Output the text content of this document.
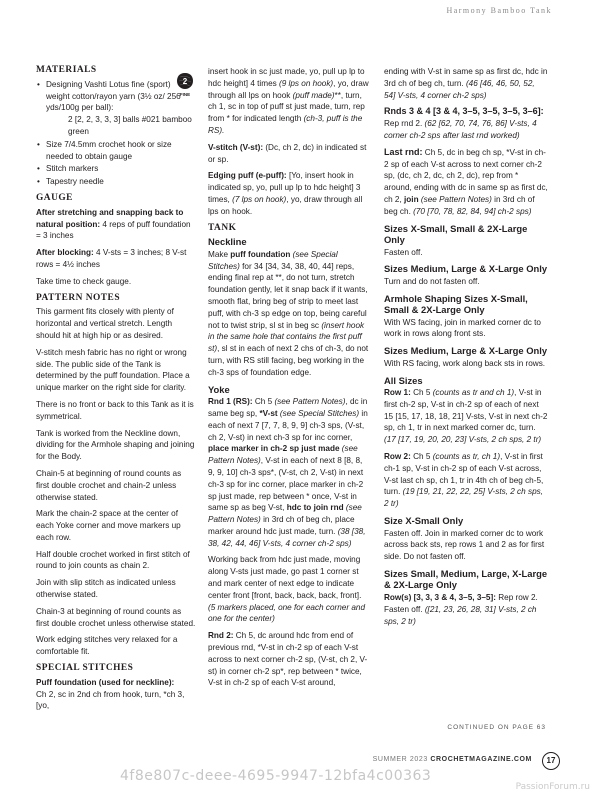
Harmony Bamboo Tank
2
FINE
MATERIALS
• Designing Vashti Lotus fine (sport) weight cotton/rayon yarn (3½ oz/ 256 yds/100g per ball):
2 [2, 2, 3, 3, 3] balls #021 bamboo green
• Size 7/4.5mm crochet hook or size needed to obtain gauge
• Stitch markers
• Tapestry needle
GAUGE

After stretching and snapping back to natural position: 4 reps of puff foundation = 3 inches

After blocking: 4 V-sts = 3 inches; 8 V-st rows = 4½ inches

Take time to check gauge.

PATTERN NOTES

This garment fits closely with plenty of horizontal and vertical stretch. Length should hit at high hip or as desired.

V-stitch mesh fabric has no right or wrong side. The public side of the Tank is determined by the puff foundation. Place a unique marker on the right side for clarity.

There is no front or back to this Tank as it is symmetrical.

Tank is worked from the Neckline down, dividing for the Armhole shaping and joining for the Body.

Chain-5 at beginning of round counts as first double crochet and chain-2 unless otherwise stated.

Mark the chain-2 space at the center of each Yoke corner and move markers up each row.

Half double crochet worked in first stitch of round to join counts as chain 2.

Join with slip stitch as indicated unless otherwise stated.

Chain-3 at beginning of round counts as first double crochet unless otherwise stated.

Work edging stitches very relaxed for a comfortable fit.

SPECIAL STITCHES
Puff foundation (used for neckline):

Ch 2, sc in 2nd ch from hook, turn, *ch 3, [yo,

insert hook in sc just made, yo, pull up lp to hdc height] 4 times (9 lps on hook), yo, draw through all lps on hook (puff made)**, turn, ch 1, sc in top of puff st just made, turn, rep from * for indicated length (ch-3, puff is the RS).

V-stitch (V-st): (Dc, ch 2, dc) in indicated st or sp.

Edging puff (e-puff): [Yo, insert hook in indicated sp, yo, pull up lp to hdc height] 3 times, (7 lps on hook), yo, draw through all lps on hook.

TANK
Neckline

Make puff foundation (see Special Stitches) for 34 [34, 34, 38, 40, 44] reps, ending final rep at **, do not turn, stretch foundation gently, let it snap back if it wants, smooth flat, bring beg of strip to meet last puff, with ch-3 sp edge on top, being careful not to twist strip, sl st in beg sc (insert hook in the same hole that contains the first puff st), sl st in each of next 2 chs of ch-3, do not turn, with RS still facing, beg working in the ch-3 sps of foundation edge.

Yoke

Rnd 1 (RS): Ch 5 (see Pattern Notes), dc in same beg sp, *V-st (see Special Stitches) in each of next 7 [7, 7, 8, 9, 9] ch-3 sps, (V-st, ch 2, V-st) in next ch-3 sp for inc corner, place marker in ch-2 sp just made (see Pattern Notes), V-st in each of next 8 [8, 8, 9, 9, 10] ch-3 sps*, (V-st, ch 2, V-st) in next ch-3 sp for inc corner, place marker in ch-2 sp just made, rep between * once, V-st in same sp as beg V-st, hdc to join rnd (see Pattern Notes) in 3rd ch of beg ch, place marker around hdc just made, turn. (38 [38, 38, 42, 44, 46] V-sts, 4 corner ch-2 sps)

Working back from hdc just made, moving along V-sts just made, go past 1 corner st and mark center of next edge to indicate center front [front, back, back, back, front]. (5 markers placed, one for each corner and one for the center)

Rnd 2: Ch 5, dc around hdc from end of previous rnd, *V-st in ch-2 sp of each V-st across to next corner ch-2 sp, (V-st, ch 2, V-st) in corner ch-2 sp*, rep between * twice, V-st in ch-2 sp of each V-st around,

ending with V-st in same sp as first dc, hdc in 3rd ch of beg ch, turn. (46 [46, 46, 50, 52, 54] V-sts, 4 corner ch-2 sps)

Rnds 3 & 4 [3 & 4, 3–5, 3–5, 3–5, 3–6]: Rep rnd 2. (62 [62, 70, 74, 76, 86] V-sts, 4 corner ch-2 sps after last rnd worked)

Last rnd: Ch 5, dc in beg ch sp, *V-st in ch-2 sp of each V-st across to next corner ch-2 sp, (dc, ch 2, dc, ch 2, dc), rep from * around, ending with dc in same sp as first dc, ch 2, join (see Pattern Notes) in 3rd ch of beg ch. (70 [70, 78, 82, 84, 94] ch-2 sps)

Sizes X-Small, Small & 2X-Large Only

Fasten off.

Sizes Medium, Large & X-Large Only

Turn and do not fasten off.

Armhole Shaping Sizes X-Small, Small & 2X-Large Only

With WS facing, join in marked corner dc to work in rows along front sts.

Sizes Medium, Large & X-Large Only

With RS facing, work along back sts in rows.

All Sizes

Row 1: Ch 5 (counts as tr and ch 1), V-st in first ch-2 sp, V-st in ch-2 sp of each of next 15 [15, 17, 18, 18, 21] V-sts, V-st in next ch-2 sp, ch 1, tr in next marked corner dc, turn. (17 [17, 19, 20, 20, 23] V-sts, 2 ch sps, 2 tr)

Row 2: Ch 5 (counts as tr, ch 1), V-st in first ch-1 sp, V-st in ch-2 sp of each V-st across, V-st last ch sp, ch 1, tr in 4th ch of beg ch-5, turn. (19 [19, 21, 22, 22, 25] V-sts, 2 ch sps, 2 tr)

Size X-Small Only

Fasten off. Join in marked corner dc to work across back sts, rep rows 1 and 2 as for first side. Do not fasten off.

Sizes Small, Medium, Large, X-Large & 2X-Large Only

Row(s) [3, 3, 3 & 4, 3–5, 3–5]: Rep row 2. Fasten off. ([21, 23, 26, 28, 31] V-sts, 2 ch sps, 2 tr)

CONTINUED ON PAGE 63
SUMMER 2023 CROCHETMAGAZINE.COM	17
4f8e807c-deee-4695-9947-12bfa4c00363
PassionForum.ru
